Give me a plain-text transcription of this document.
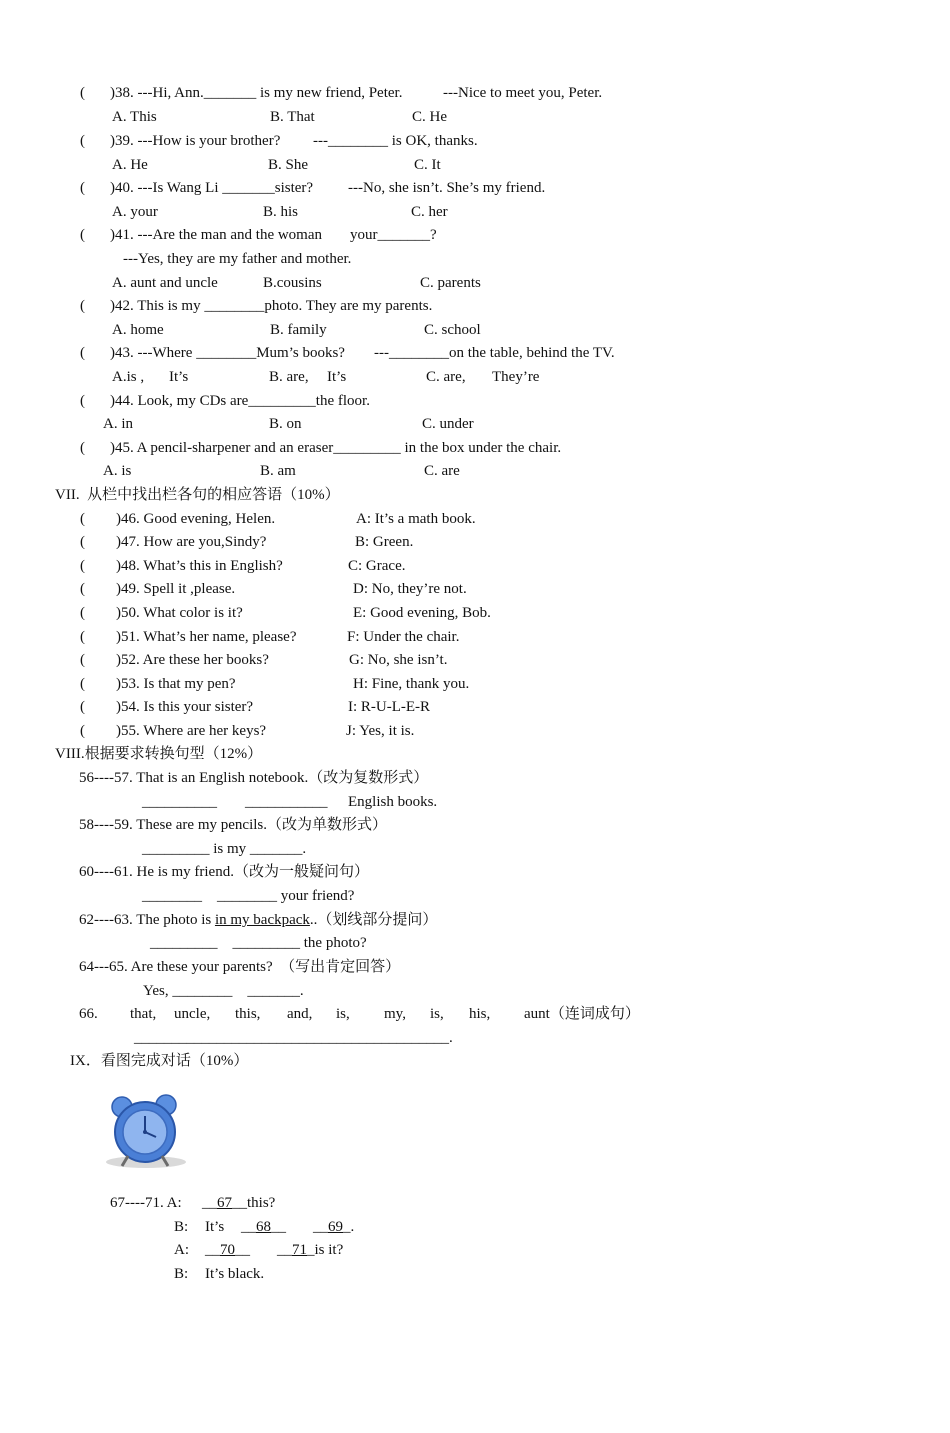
( )38. ---Hi, Ann._______ is my new friend, Peter.	---Nice to meet you, Peter.
A. This	B. That	C. He
( )39. ---How is your brother? ---________ is OK, thanks.
A. He	B. She	C. It
( )40. ---Is Wang Li _______sister? ---No, she isn’t. She’s my friend.
A. your	B. his	C. her
( )41. ---Are the man and the woman your_______?
---Yes, they are my father and mother.
A. aunt and uncle	B.cousins	C. parents
( )42. This is my ________photo. They are my parents.
A. home	B. family	C. school
( )43. ---Where ________Mum’s books? ---________on the table, behind the TV.
A.is , It’s	B. are, It’s	C. are, They’re
( )44. Look, my CDs are_________the floor.
A. in	B. on	C. under
( )45. A pencil-sharpener and an eraser_________ in the box under the chair.
A. is	B. am	C. are
VII.  从栏中找出栏各句的相应答语（10%）
( )46. Good evening, Helen.	A: It’s a math book.
( )47. How are you,Sindy?	B: Green.
( )48. What’s this in English?	C: Grace.
( )49. Spell it ,please.	D: No, they’re not.
( )50. What color is it?	E: Good evening, Bob.
( )51. What’s her name, please?	F: Under the chair.
( )52. Are these her books?	G: No, she isn’t.
( )53. Is that my pen?	H: Fine, thank you.
( )54. Is this your sister?	I: R-U-L-E-R
( )55. Where are her keys?	J: Yes, it is.
VIII.根据要求转换句型（12%）
56----57. That is an English notebook.（改为复数形式）
__________ ___________ English books.
58----59. These are my pencils.（改为单数形式）
_________ is my _______.
60----61. He is my friend.（改为一般疑问句）
________    ________ your friend?
62----63. The photo is in my backpack..（划线部分提问）
_________    _________ the photo?
64---65. Are these your parents?  （写出肯定回答）
Yes, ________    _______.
66. that, uncle, this, and, is, my, is, his, aunt（连词成句）
__________________________________________.
IX．看图完成对话（10%）
67----71. A: __67__this?
B: It’s __68__ __69_.
A: __70__ __71_is it?
B: It’s black.
